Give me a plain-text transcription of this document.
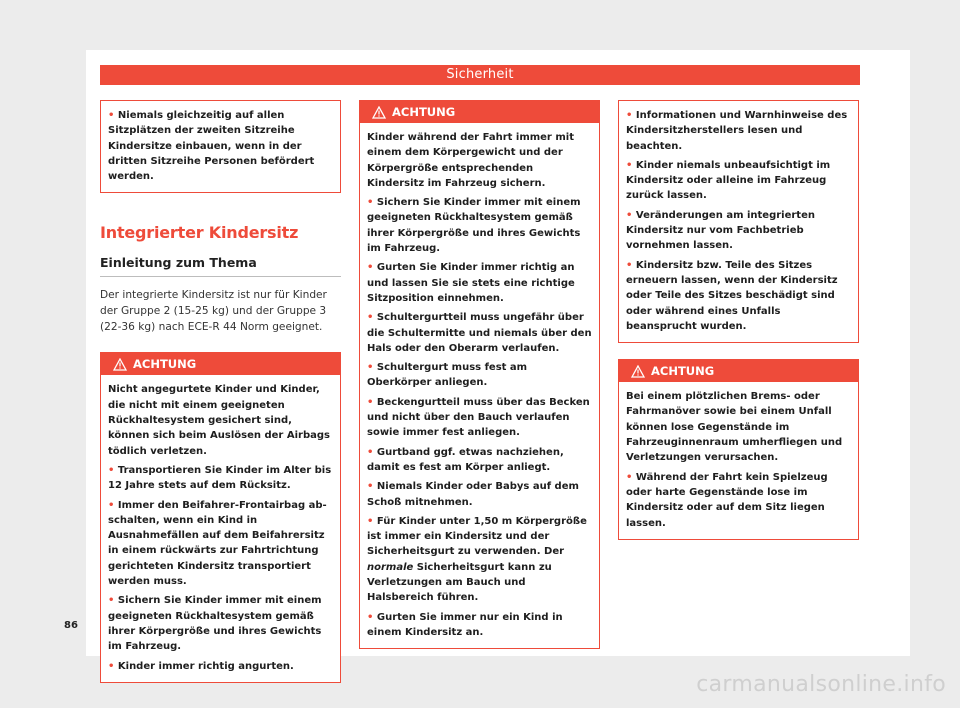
Sicherheit

• Niemals gleichzeitig auf allen Sitzplätzen der zweiten Sitzreihe Kindersitze einbauen, wenn in der dritten Sitzreihe Personen befördert werden.

Integrierter Kindersitz
Einleitung zum Thema

Der integrierte Kindersitz ist nur für Kinder der Gruppe 2 (15-25 kg) und der Gruppe 3 (22-36 kg) nach ECE-R 44 Norm geeignet.

ACHTUNG

Nicht angegurtete Kinder und Kinder, die nicht mit einem geeigneten Rückhaltesystem gesichert sind, können sich beim Auslösen der Airbags tödlich verletzen.

• Transportieren Sie Kinder im Alter bis 12 Jahre stets auf dem Rücksitz.

• Immer den Beifahrer-Frontairbag abschalten, wenn ein Kind in Ausnahmefällen auf dem Beifahrersitz in einem rückwärts zur Fahrtrichtung gerichteten Kindersitz transportiert werden muss.

• Sichern Sie Kinder immer mit einem geeigneten Rückhaltesystem gemäß ihrer Körpergröße und ihres Gewichts im Fahrzeug.

• Kinder immer richtig angurten.

ACHTUNG

Kinder während der Fahrt immer mit einem dem Körpergewicht und der Körpergröße entsprechenden Kindersitz im Fahrzeug sichern.

• Sichern Sie Kinder immer mit einem geeigneten Rückhaltesystem gemäß ihrer Körpergröße und ihres Gewichts im Fahrzeug.

• Gurten Sie Kinder immer richtig an und lassen Sie sie stets eine richtige Sitzposition einnehmen.

• Schultergurtteil muss ungefähr über die Schultermitte und niemals über den Hals oder den Oberarm verlaufen.

• Schultergurt muss fest am Oberkörper anliegen.

• Beckengurtteil muss über das Becken und nicht über den Bauch verlaufen sowie immer fest anliegen.

• Gurtband ggf. etwas nachziehen, damit es fest am Körper anliegt.

• Niemals Kinder oder Babys auf dem Schoß mitnehmen.

• Für Kinder unter 1,50 m Körpergröße ist immer ein Kindersitz und der Sicherheitsgurt zu verwenden. Der normale Sicherheitsgurt kann zu Verletzungen am Bauch und Halsbereich führen.

• Gurten Sie immer nur ein Kind in einem Kindersitz an.

• Informationen und Warnhinweise des Kindersitzherstellers lesen und beachten.

• Kinder niemals unbeaufsichtigt im Kindersitz oder alleine im Fahrzeug zurück lassen.

• Veränderungen am integrierten Kindersitz nur vom Fachbetrieb vornehmen lassen.

• Kindersitz bzw. Teile des Sitzes erneuern lassen, wenn der Kindersitz oder Teile des Sitzes beschädigt sind oder während eines Unfalls beansprucht wurden.

ACHTUNG

Bei einem plötzlichen Brems- oder Fahrmanöver sowie bei einem Unfall können lose Gegenstände im Fahrzeuginnenraum umherfliegen und Verletzungen verursachen.

• Während der Fahrt kein Spielzeug oder harte Gegenstände lose im Kindersitz oder auf dem Sitz liegen lassen.

86
carmanualsonline.info
